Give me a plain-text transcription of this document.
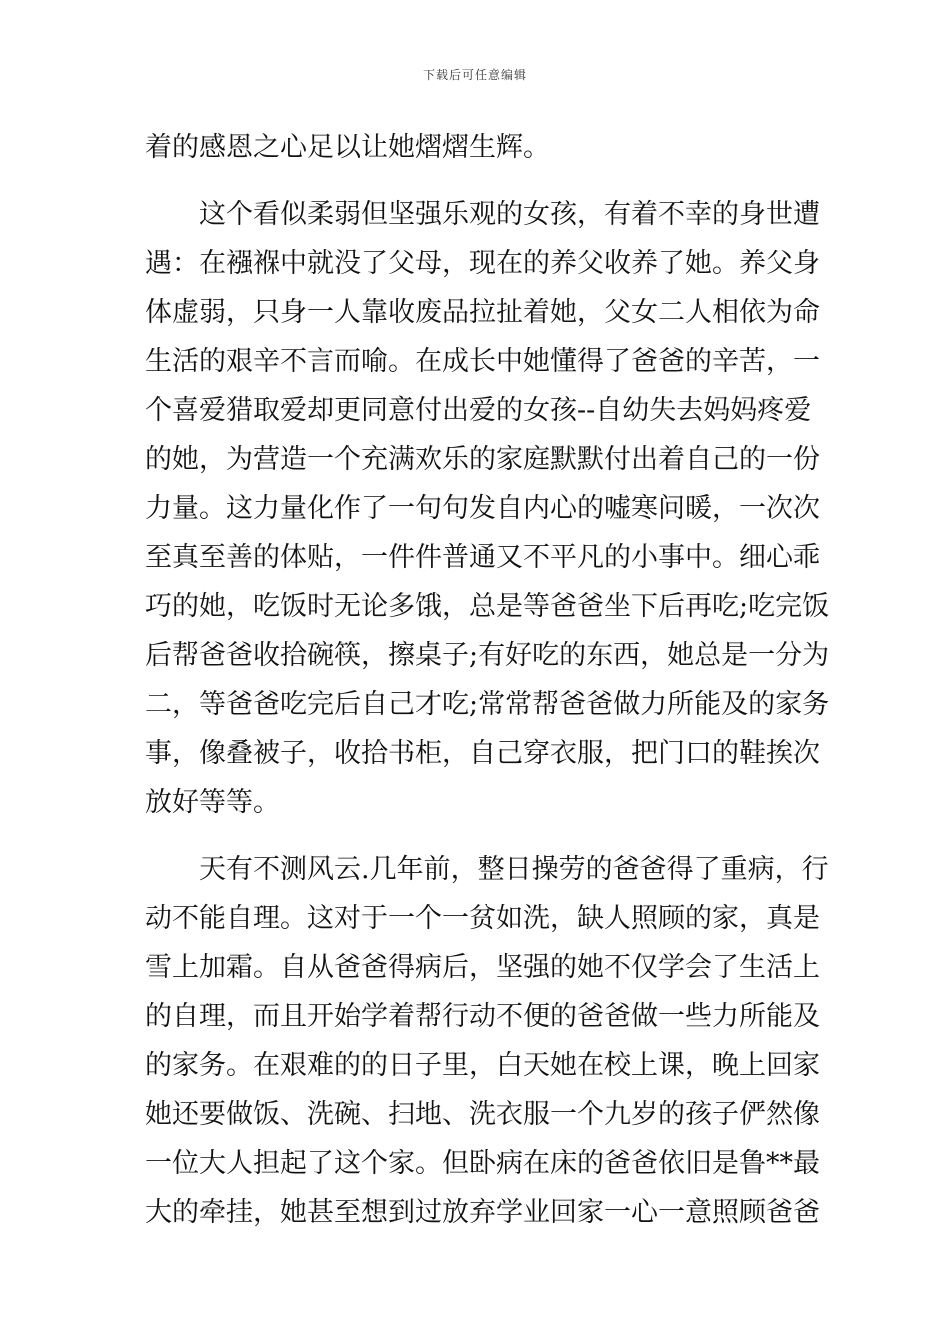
下载后可任意编辑
着的感恩之心足以让她熠熠生辉。
这个看似柔弱但坚强乐观的女孩，有着不幸的身世遭
遇：在襁褓中就没了父母，现在的养父收养了她。养父身
体虚弱，只身一人靠收废品拉扯着她，父女二人相依为命
生活的艰辛不言而喻。在成长中她懂得了爸爸的辛苦，一
个喜爱猎取爱却更同意付出爱的女孩--自幼失去妈妈疼爱
的她，为营造一个充满欢乐的家庭默默付出着自己的一份
力量。这力量化作了一句句发自内心的嘘寒问暖，一次次
至真至善的体贴，一件件普通又不平凡的小事中。细心乖
巧的她，吃饭时无论多饿，总是等爸爸坐下后再吃;吃完饭
后帮爸爸收拾碗筷，擦桌子;有好吃的东西，她总是一分为
二，等爸爸吃完后自己才吃;常常帮爸爸做力所能及的家务
事，像叠被子，收拾书柜，自己穿衣服，把门口的鞋挨次
放好等等。
天有不测风云.几年前，整日操劳的爸爸得了重病，行
动不能自理。这对于一个一贫如洗，缺人照顾的家，真是
雪上加霜。自从爸爸得病后，坚强的她不仅学会了生活上
的自理，而且开始学着帮行动不便的爸爸做一些力所能及
的家务。在艰难的的日子里，白天她在校上课，晚上回家
她还要做饭、洗碗、扫地、洗衣服一个九岁的孩子俨然像
一位大人担起了这个家。但卧病在床的爸爸依旧是鲁**最
大的牵挂，她甚至想到过放弃学业回家一心一意照顾爸爸
